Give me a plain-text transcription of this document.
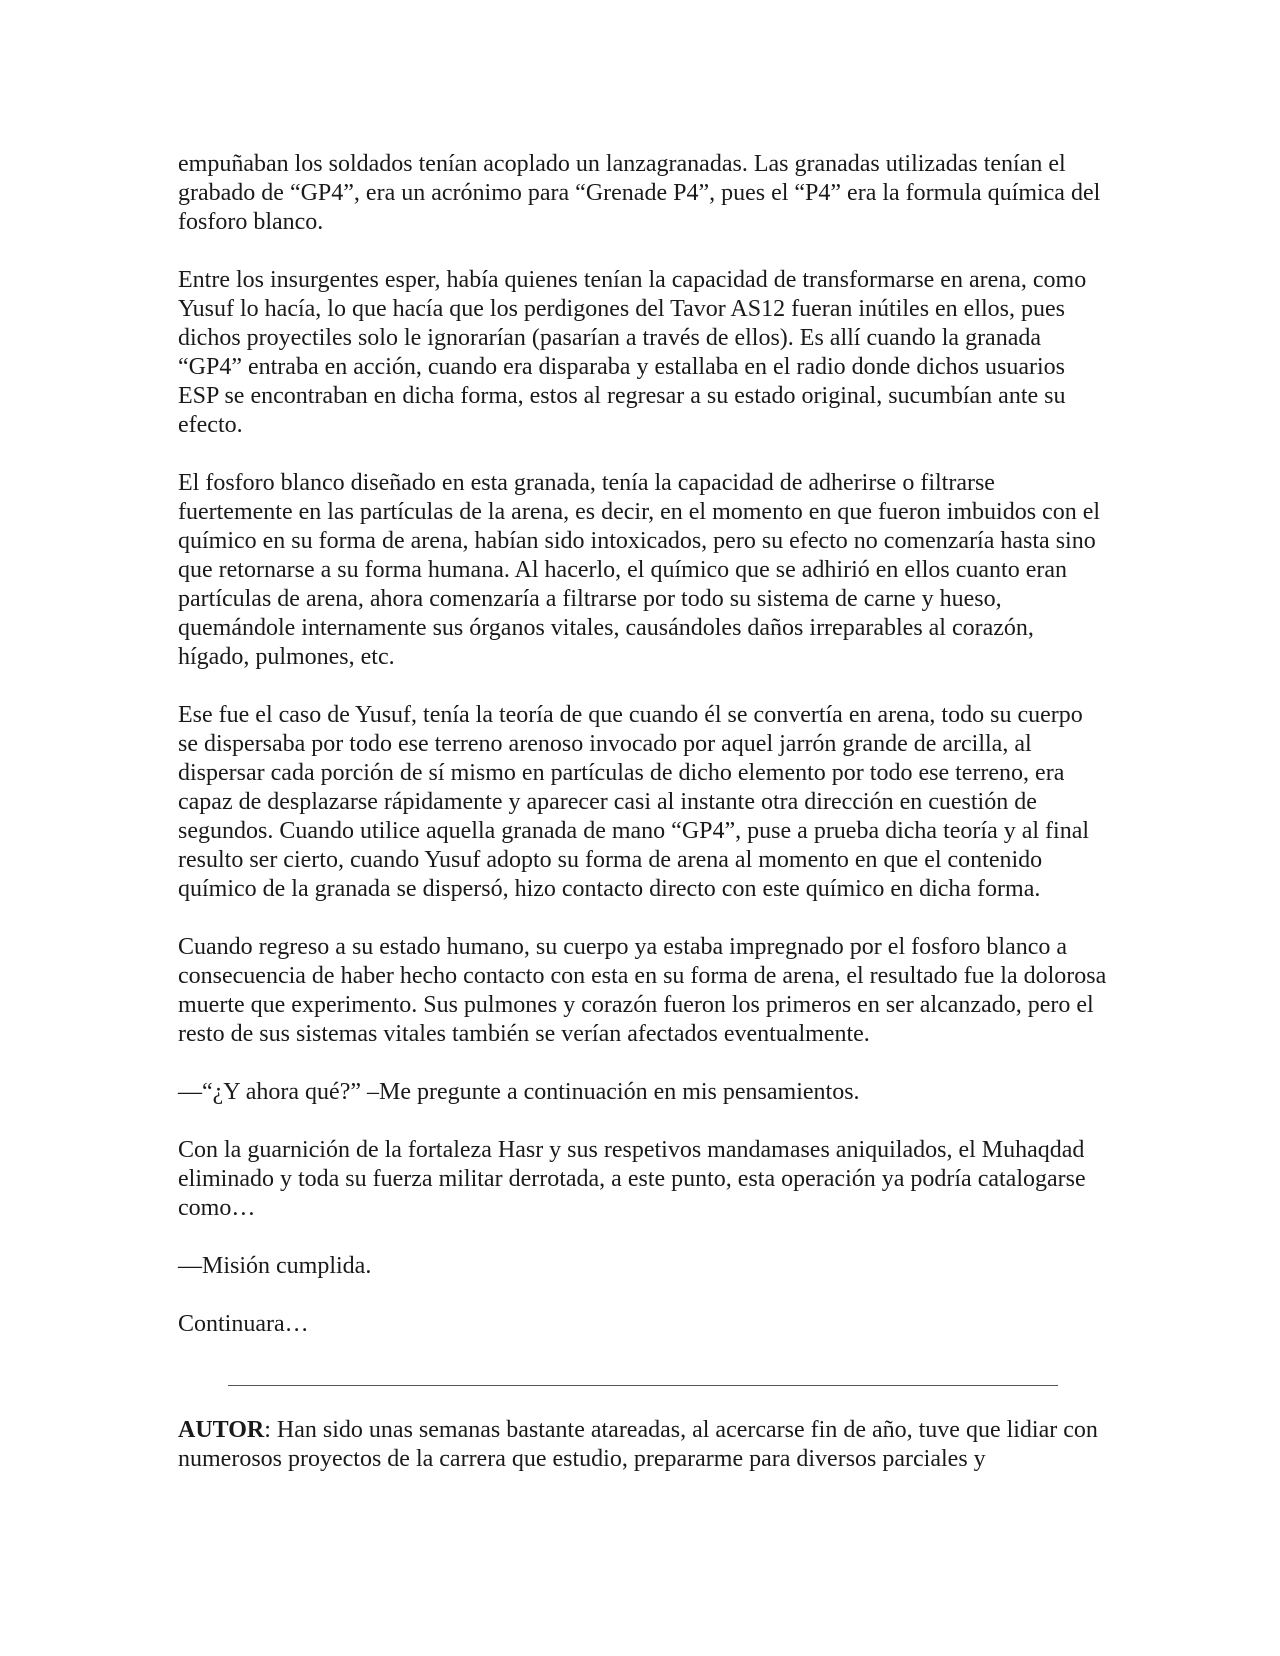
empuñaban los soldados tenían acoplado un lanzagranadas. Las granadas utilizadas tenían el grabado de “GP4”, era un acrónimo para “Grenade P4”, pues el “P4” era la formula química del fosforo blanco.

Entre los insurgentes esper, había quienes tenían la capacidad de transformarse en arena, como Yusuf lo hacía, lo que hacía que los perdigones del Tavor AS12 fueran inútiles en ellos, pues dichos proyectiles solo le ignorarían (pasarían a través de ellos). Es allí cuando la granada “GP4” entraba en acción, cuando era disparaba y estallaba en el radio donde dichos usuarios ESP se encontraban en dicha forma, estos al regresar a su estado original, sucumbían ante su efecto.

El fosforo blanco diseñado en esta granada, tenía la capacidad de adherirse o filtrarse fuertemente en las partículas de la arena, es decir, en el momento en que fueron imbuidos con el químico en su forma de arena, habían sido intoxicados, pero su efecto no comenzaría hasta sino que retornarse a su forma humana. Al hacerlo, el químico que se adhirió en ellos cuanto eran partículas de arena, ahora comenzaría a filtrarse por todo su sistema de carne y hueso, quemándole internamente sus órganos vitales, causándoles daños irreparables al corazón, hígado, pulmones, etc.

Ese fue el caso de Yusuf, tenía la teoría de que cuando él se convertía en arena, todo su cuerpo se dispersaba por todo ese terreno arenoso invocado por aquel jarrón grande de arcilla, al dispersar cada porción de sí mismo en partículas de dicho elemento por todo ese terreno, era capaz de desplazarse rápidamente y aparecer casi al instante otra dirección en cuestión de segundos. Cuando utilice aquella granada de mano “GP4”, puse a prueba dicha teoría y al final resulto ser cierto, cuando Yusuf adopto su forma de arena al momento en que el contenido químico de la granada se dispersó, hizo contacto directo con este químico en dicha forma.

Cuando regreso a su estado humano, su cuerpo ya estaba impregnado por el fosforo blanco a consecuencia de haber hecho contacto con esta en su forma de arena, el resultado fue la dolorosa muerte que experimento. Sus pulmones y corazón fueron los primeros en ser alcanzado, pero el resto de sus sistemas vitales también se verían afectados eventualmente.

—“¿Y ahora qué?” –Me pregunte a continuación en mis pensamientos.

Con la guarnición de la fortaleza Hasr y sus respetivos mandamases aniquilados, el Muhaqdad eliminado y toda su fuerza militar derrotada, a este punto, esta operación ya podría catalogarse como…

—Misión cumplida.

Continuara…

AUTOR: Han sido unas semanas bastante atareadas, al acercarse fin de año, tuve que lidiar con numerosos proyectos de la carrera que estudio, prepararme para diversos parciales y
